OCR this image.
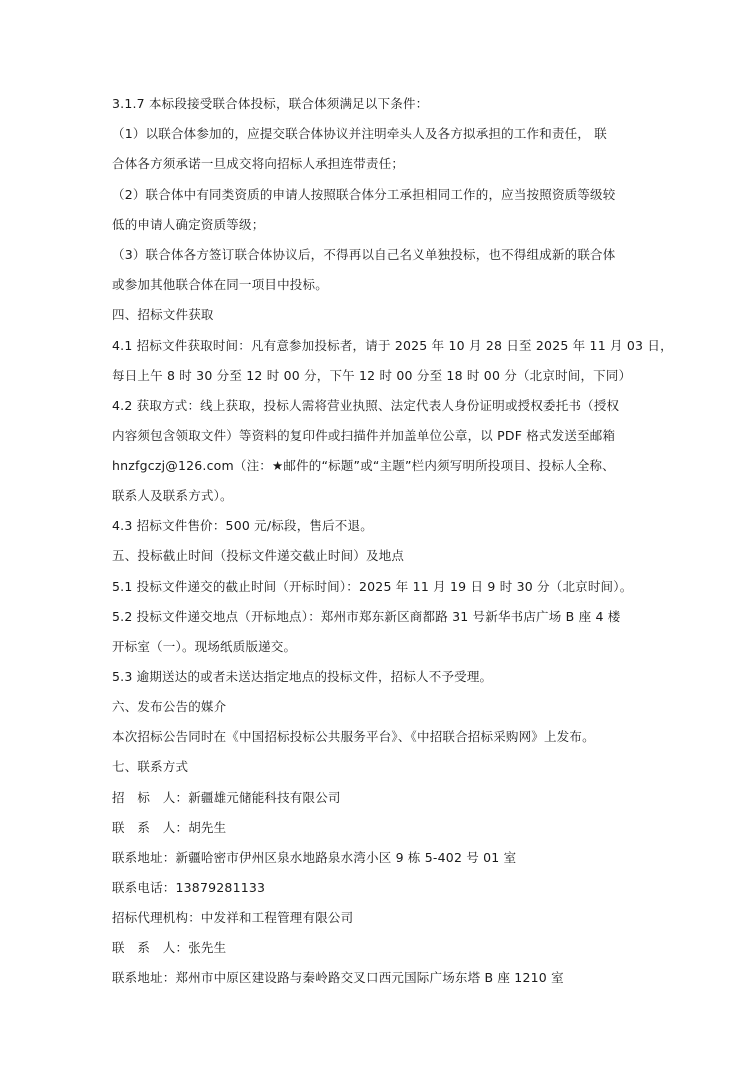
3.1.7 本标段接受联合体投标，联合体须满足以下条件：
（1）以联合体参加的，应提交联合体协议并注明牵头人及各方拟承担的工作和责任， 联
合体各方须承诺一旦成交将向招标人承担连带责任；
（2）联合体中有同类资质的申请人按照联合体分工承担相同工作的，应当按照资质等级较
低的申请人确定资质等级；
（3）联合体各方签订联合体协议后，不得再以自己名义单独投标，也不得组成新的联合体
或参加其他联合体在同一项目中投标。
四、招标文件获取
4.1 招标文件获取时间：凡有意参加投标者，请于 2025 年 10 月 28 日至 2025 年 11 月 03 日，
每日上午 8 时 30 分至 12 时 00 分，下午 12 时 00 分至 18 时 00 分（北京时间，下同）
4.2 获取方式：线上获取，投标人需将营业执照、法定代表人身份证明或授权委托书（授权
内容须包含领取文件）等资料的复印件或扫描件并加盖单位公章，以 PDF 格式发送至邮箱
hnzfgczj@126.com（注：★邮件的“标题”或“主题”栏内须写明所投项目、投标人全称、
联系人及联系方式）。
4.3 招标文件售价：500 元/标段，售后不退。
五、投标截止时间（投标文件递交截止时间）及地点
5.1 投标文件递交的截止时间（开标时间）：2025 年 11 月 19 日 9 时 30 分（北京时间）。
5.2 投标文件递交地点（开标地点）：郑州市郑东新区商都路 31 号新华书店广场 B 座 4 楼
开标室（一）。现场纸质版递交。
5.3 逾期送达的或者未送达指定地点的投标文件，招标人不予受理。
六、发布公告的媒介
本次招标公告同时在《中国招标投标公共服务平台》、《中招联合招标采购网》上发布。
七、联系方式
招　标　人：新疆雄元储能科技有限公司
联　系　人：胡先生
联系地址：新疆哈密市伊州区泉水地路泉水湾小区 9 栋 5-402 号 01 室
联系电话：13879281133
招标代理机构：中发祥和工程管理有限公司
联　系　人：张先生
联系地址：郑州市中原区建设路与秦岭路交叉口西元国际广场东塔 B 座 1210 室
